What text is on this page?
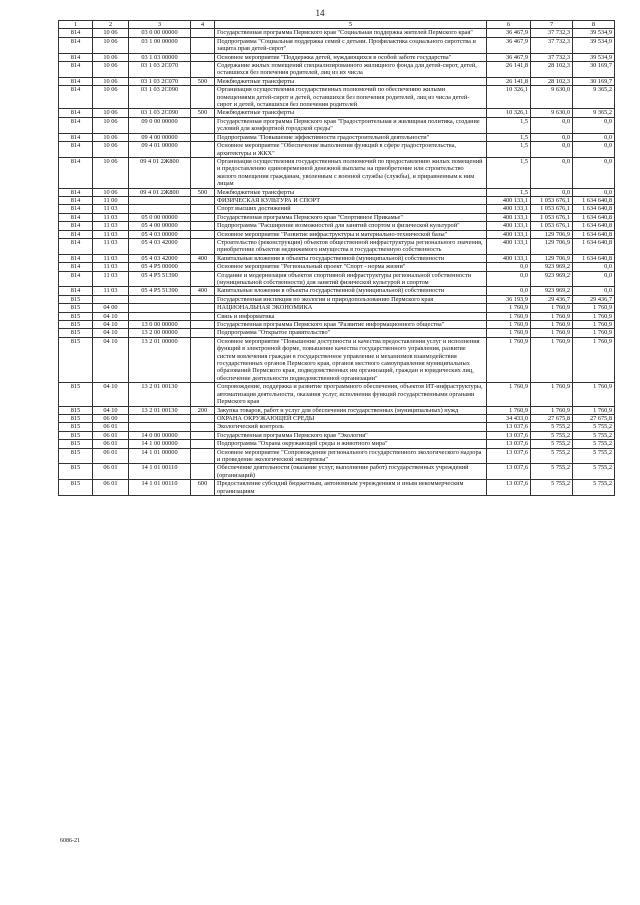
14
1	2	3	4	5	6	7	8
814	10 06	03 0 00 00000		Государственная программа Пермского края "Социальная поддержка жителей Пермского края"	36 467,9	37 732,3	39 534,9
814	10 06	03 1 00 00000		Подпрограмма "Социальная поддержка семей с детьми. Профилактика социального сиротства и защита прав детей-сирот"	36 467,9	37 732,3	39 534,9
814	10 06	03 1 03 00000		Основное мероприятие "Поддержка детей, нуждающихся в особой заботе государства"	36 467,9	37 732,3	39 534,9
814	10 06	03 1 03 2С070		Содержание жилых помещений специализированного жилищного фонда для детей-сирот, детей, оставшихся без попечения родителей, лиц из их числа	26 141,8	28 102,3	30 169,7
814	10 06	03 1 03 2С070	500	Межбюджетные трансферты	26 141,8	28 102,3	30 169,7
814	10 06	03 1 03 2С090		Организация осуществления государственных полномочий по обеспечению жилыми помещениями детей-сирот и детей, оставшихся без попечения родителей, лиц из числа детей-сирот и детей, оставшихся без попечения родителей	10 326,1	9 630,0	9 365,2
814	10 06	03 1 03 2С090	500	Межбюджетные трансферты	10 326,1	9 630,0	9 365,2
814	10 06	09 0 00 00000		Государственная программа Пермского края "Градостроительная и жилищная политика, создание условий для комфортной городской среды"	1,5	0,0	0,0
814	10 06	09 4 00 00000		Подпрограмма "Повышение эффективности градостроительной деятельности"	1,5	0,0	0,0
814	10 06	09 4 01 00000		Основное мероприятие "Обеспечение выполнения функций в сфере градостроительства, архитектуры и ЖКХ"	1,5	0,0	0,0
814	10 06	09 4 01 2Ж800		Организация осуществления государственных полномочий по предоставлению жилых помещений и предоставлению единовременной денежной выплаты на приобретение или строительство жилого помещения гражданам, уволенным с военной службы (службы), и приравненным к ним лицам	1,5	0,0	0,0
814	10 06	09 4 01 2Ж800	500	Межбюджетные трансферты	1,5	0,0	0,0
814	11 00			ФИЗИЧЕСКАЯ КУЛЬТУРА И СПОРТ	400 133,1	1 053 676,1	1 634 640,8
814	11 03			Спорт высших достижений	400 133,1	1 053 676,1	1 634 640,8
814	11 03	05 0 00 00000		Государственная программа Пермского края "Спортивное Прикамье"	400 133,1	1 053 676,1	1 634 640,8
814	11 03	05 4 00 00000		Подпрограмма "Расширение возможностей для занятий спортом и физической культурой"	400 133,1	1 053 676,1	1 634 640,8
814	11 03	05 4 03 00000		Основное мероприятие "Развитие инфраструктуры и материально-технической базы"	400 133,1	129 706,9	1 634 640,8
814	11 03	05 4 03 42000		Строительство (реконструкция) объектов общественной инфраструктуры регионального значения, приобретение объектов недвижимого имущества в государственную собственность	400 133,1	129 706,9	1 634 640,8
814	11 03	05 4 03 42000	400	Капитальные вложения в объекты государственной (муниципальной) собственности	400 133,1	129 706,9	1 634 640,8
814	11 03	05 4 P5 00000		Основное мероприятие "Региональный проект "Спорт - норма жизни"	0,0	923 969,2	0,0
814	11 03	05 4 P5 51390		Создание и модернизация объектов спортивной инфраструктуры региональной собственности (муниципальной собственности) для занятий физической культурой и спортом	0,0	923 969,2	0,0
814	11 03	05 4 P5 51390	400	Капитальные вложения в объекты государственной (муниципальной) собственности	0,0	923 969,2	0,0
815				Государственная инспекция по экологии и природопользованию Пермского края	36 193,9	29 436,7	29 436,7
815	04 00			НАЦИОНАЛЬНАЯ ЭКОНОМИКА	1 760,9	1 760,9	1 760,9
815	04 10			Связь и информатика	1 760,9	1 760,9	1 760,9
815	04 10	13 0 00 00000		Государственная программа Пермского края "Развитие информационного общества"	1 760,9	1 760,9	1 760,9
815	04 10	13 2 00 00000		Подпрограмма "Открытое правительство"	1 760,9	1 760,9	1 760,9
815	04 10	13 2 01 00000		Основное мероприятие "Повышение доступности и качества предоставления услуг и исполнения функций в электронной форме, повышение качества государственного управления, развитие систем вовлечения граждан в государственное управление и механизмов взаимодействия государственных органов Пермского края, органов местного самоуправления муниципальных образований Пермского края, подведомственных им организаций, граждан и юридических лиц, обеспечение деятельности подведомственной организации"	1 760,9	1 760,9	1 760,9
815	04 10	13 2 01 00130		Сопровождение, поддержка и развитие программного обеспечения, объектов ИТ-инфраструктуры, автоматизация деятельности, оказания услуг, исполнения функций государственными органами Пермского края	1 760,9	1 760,9	1 760,9
815	04 10	13 2 01 00130	200	Закупка товаров, работ и услуг для обеспечения государственных (муниципальных) нужд	1 760,9	1 760,9	1 760,9
815	06 00			ОХРАНА ОКРУЖАЮЩЕЙ СРЕДЫ	34 433,0	27 675,8	27 675,8
815	06 01			Экологический контроль	13 037,6	5 755,2	5 755,2
815	06 01	14 0 00 00000		Государственная программа Пермского края "Экология"	13 037,6	5 755,2	5 755,2
815	06 01	14 1 00 00000		Подпрограмма "Охрана окружающей среды и животного мира"	13 037,6	5 755,2	5 755,2
815	06 01	14 1 01 00000		Основное мероприятие "Сопровождение регионального государственного экологического надзора и проведение экологической экспертизы"	13 037,6	5 755,2	5 755,2
815	06 01	14 1 01 00110		Обеспечение деятельности (оказание услуг, выполнение работ) государственных учреждений (организаций)	13 037,6	5 755,2	5 755,2
815	06 01	14 1 01 00110	600	Предоставление субсидий бюджетным, автономным учреждениям и иным некоммерческим организациям	13 037,6	5 755,2	5 755,2
6086-21
